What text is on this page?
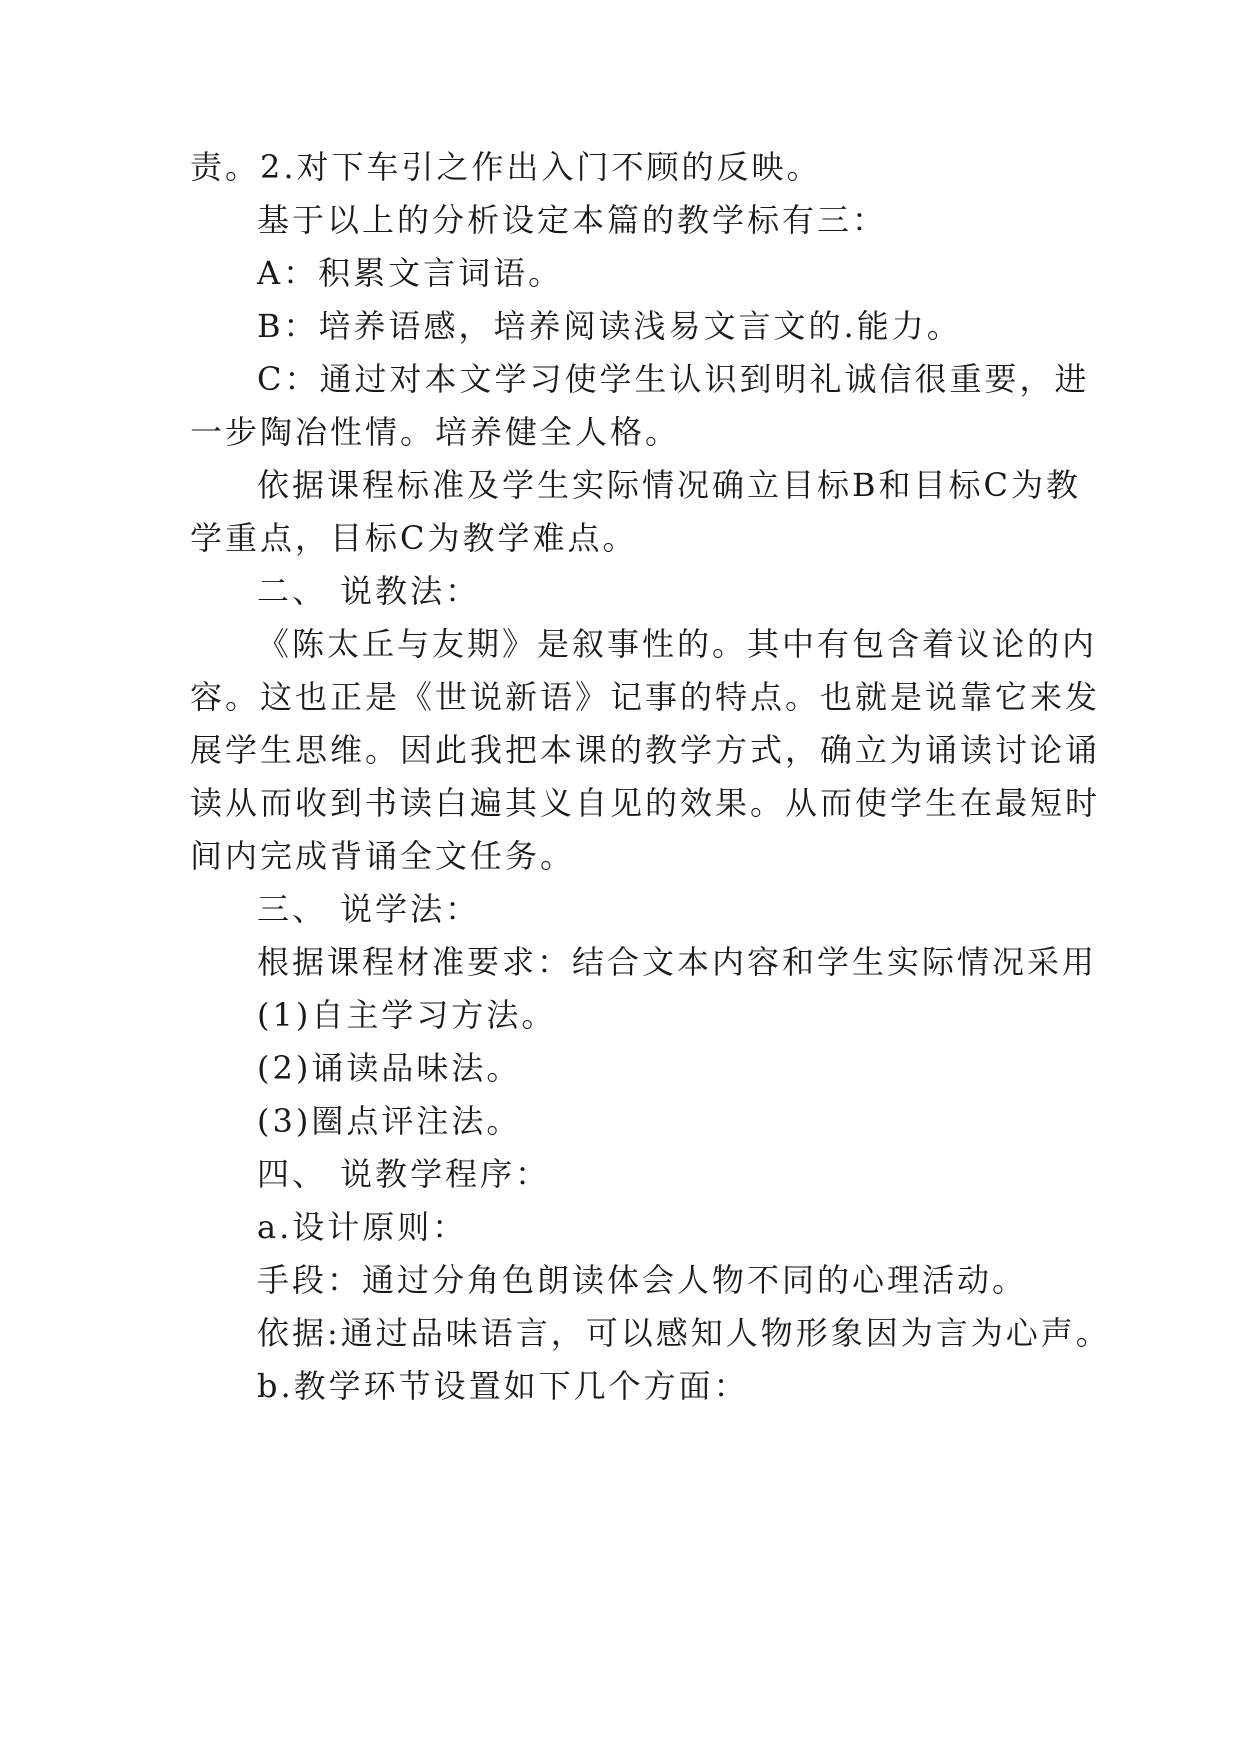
责。2.对下车引之作出入门不顾的反映。
基于以上的分析设定本篇的教学标有三：
A：积累文言词语。
B：培养语感，培养阅读浅易文言文的.能力。
C：通过对本文学习使学生认识到明礼诚信很重要，进
一步陶冶性情。培养健全人格。
依据课程标准及学生实际情况确立目标B和目标C为教
学重点，目标C为教学难点。
二、 说教法：
《陈太丘与友期》是叙事性的。其中有包含着议论的内
容。这也正是《世说新语》记事的特点。也就是说靠它来发
展学生思维。因此我把本课的教学方式，确立为诵读讨论诵
读从而收到书读白遍其义自见的效果。从而使学生在最短时
间内完成背诵全文任务。
三、 说学法：
根据课程材准要求：结合文本内容和学生实际情况采用
(1)自主学习方法。
(2)诵读品味法。
(3)圈点评注法。
四、 说教学程序：
a.设计原则：
手段：通过分角色朗读体会人物不同的心理活动。
依据:通过品味语言，可以感知人物形象因为言为心声。
b.教学环节设置如下几个方面：
